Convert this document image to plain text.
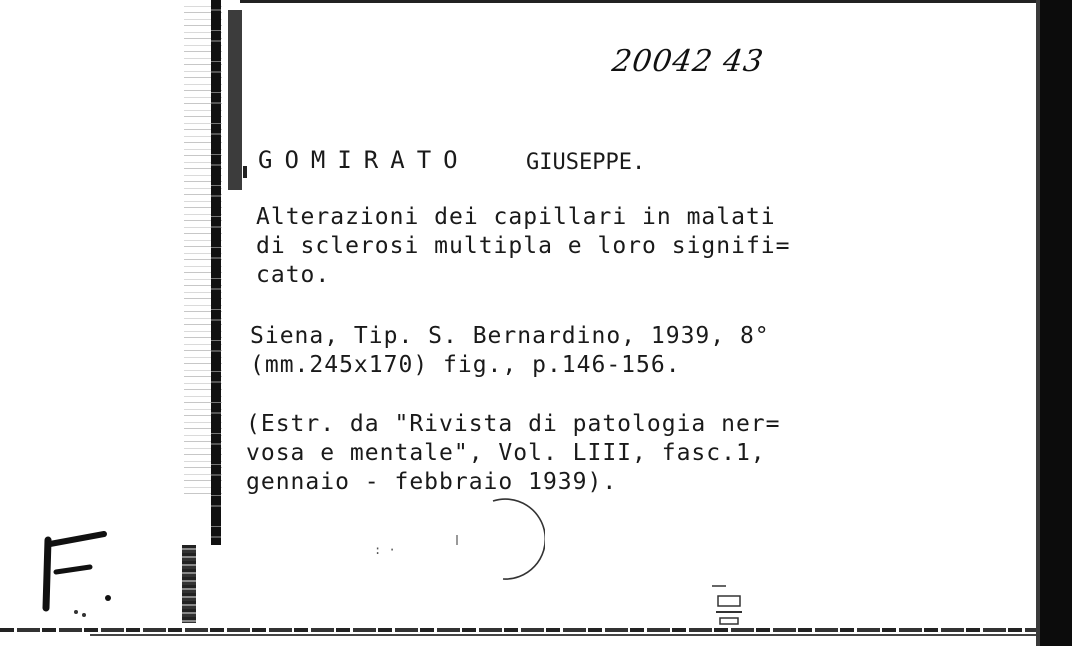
20042 43
GOMIRATO	GIUSEPPE.
Alterazioni dei capillari in malati
di sclerosi multipla e loro signifi=
cato.
Siena, Tip. S. Bernardino, 1939, 8°
(mm.245x170) fig., p.146-156.
(Estr. da "Rivista di patologia ner=
vosa e mentale", Vol. LIII, fasc.1,
gennaio - febbraio 1939).
: ·
